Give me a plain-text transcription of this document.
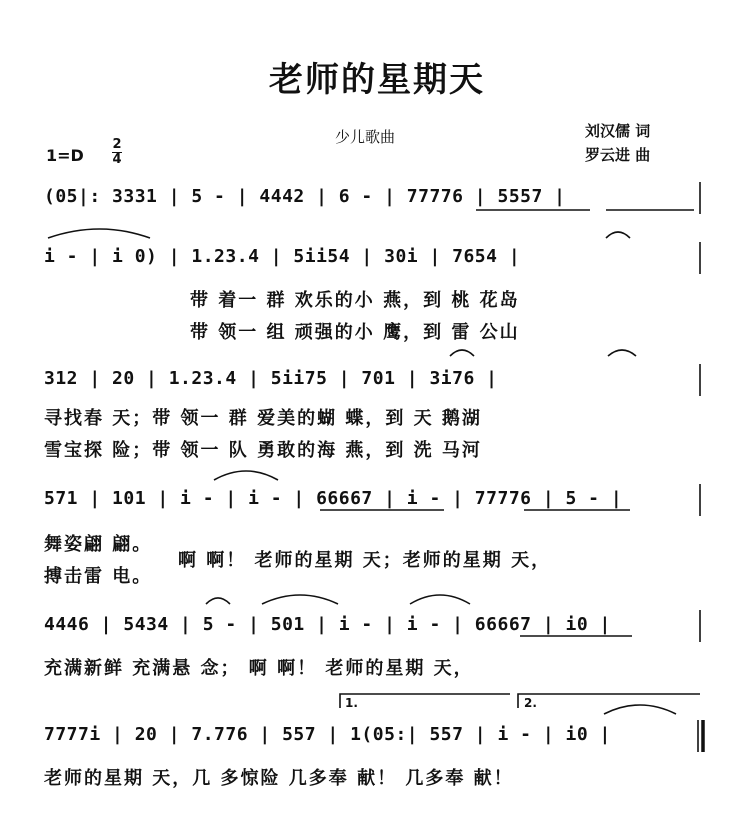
老师的星期天
少儿歌曲	刘汉儒 词
罗云进 曲
1=D
2
4
(05|: 3331 | 5 - | 4442 | 6 - | 77776 | 5557 |
i - | i 0) | 1.23.4 | 5ii54 | 30i | 7654 |
带 着一 群 欢乐的小 燕，到 桃 花岛
带 领一 组 顽强的小 鹰，到 雷 公山
312 | 20 | 1.23.4 | 5ii75 | 701 | 3i76 |
寻找春 天；带 领一 群 爱美的蝴 蝶，到 天 鹅湖
雪宝探 险；带 领一 队 勇敢的海 燕，到 洗 马河
571 | 101 | i - | i - | 66667 | i - | 77776 | 5 - |
舞姿翩 翩。
搏击雷 电。
啊 啊！ 老师的星期 天；老师的星期 天，
4446 | 5434 | 5 - | 501 | i - | i - | 66667 | i0 |
充满新鲜 充满悬 念； 啊 啊！ 老师的星期 天，
1.	2.
7777i | 20 | 7.776 | 557 | 1(05:| 557 | i - | i0 |
老师的星期 天，几 多惊险 几多奉 献！ 几多奉 献！
